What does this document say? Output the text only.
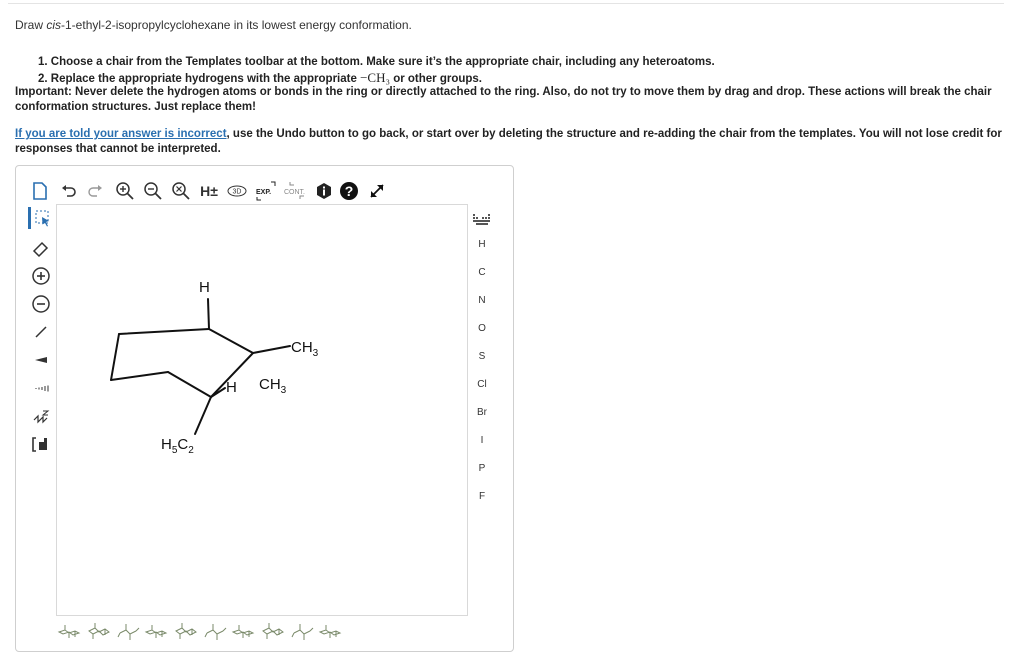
Draw cis-1-ethyl-2-isopropylcyclohexane in its lowest energy conformation.
1. Choose a chair from the Templates toolbar at the bottom. Make sure it’s the appropriate chair, including any heteroatoms.
2. Replace the appropriate hydrogens with the appropriate −CH₃ or other groups.
Important: Never delete the hydrogen atoms or bonds in the ring or directly attached to the ring. Also, do not try to move them by drag and drop. These actions will break the chair conformation structures. Just replace them!
If you are told your answer is incorrect, use the Undo button to go back, or start over by deleting the structure and re-adding the chair from the templates. You will not lose credit for responses that cannot be interpreted.
H±	3D EXP. CONT.	?
H
$CH_3$
H $CH_3$
$H_5C_2$
H
C
N
O
S
Cl
Br
I
P
F
